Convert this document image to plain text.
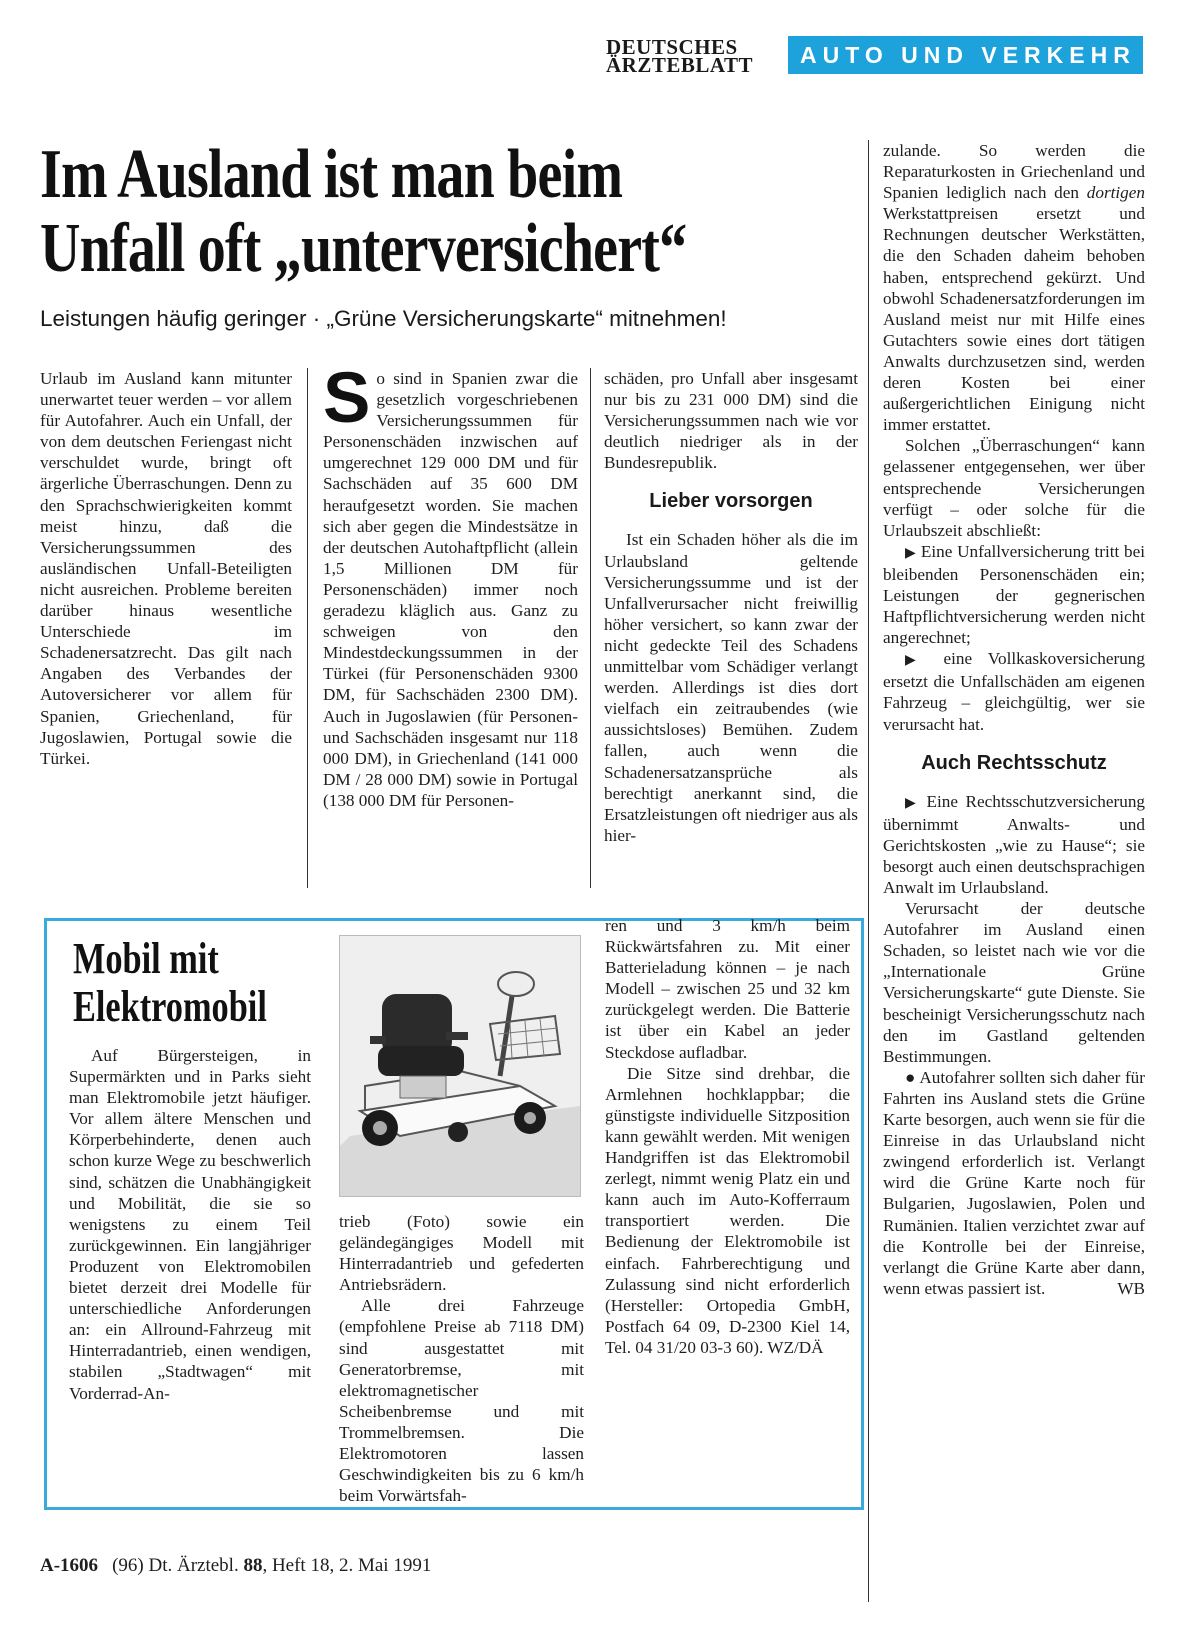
DEUTSCHES
ÄRZTEBLATT	AUTO UND VERKEHR
Im Ausland ist man beim
Unfall oft „unterversichert“
Leistungen häufig geringer · „Grüne Versicherungskarte“ mitnehmen!

Urlaub im Ausland kann mitunter unerwartet teuer werden – vor allem für Autofahrer. Auch ein Unfall, der von dem deutschen Feriengast nicht verschuldet wurde, bringt oft ärgerliche Überraschungen. Denn zu den Sprachschwierigkeiten kommt meist hinzu, daß die Versicherungssummen des ausländischen Unfall-Beteiligten nicht ausreichen. Probleme bereiten darüber hinaus wesentliche Unterschiede im Schadenersatzrecht. Das gilt nach Angaben des Verbandes der Autoversicherer vor allem für Spanien, Griechenland, für Jugoslawien, Portugal sowie die Türkei.

So sind in Spanien zwar die gesetzlich vorgeschriebenen Versicherungssummen für Personenschäden inzwischen auf umgerechnet 129 000 DM und für Sachschäden auf 35 600 DM heraufgesetzt worden. Sie machen sich aber gegen die Mindestsätze in der deutschen Autohaftpflicht (allein 1,5 Millionen DM für Personenschäden) immer noch geradezu kläglich aus. Ganz zu schweigen von den Mindestdeckungssummen in der Türkei (für Personenschäden 9300 DM, für Sachschäden 2300 DM). Auch in Jugoslawien (für Personen- und Sachschäden insgesamt nur 118 000 DM), in Griechenland (141 000 DM / 28 000 DM) sowie in Portugal (138 000 DM für Personen-

schäden, pro Unfall aber insgesamt nur bis zu 231 000 DM) sind die Versicherungssummen nach wie vor deutlich niedriger als in der Bundesrepublik.

Lieber vorsorgen

Ist ein Schaden höher als die im Urlaubsland geltende Versicherungssumme und ist der Unfallverursacher nicht freiwillig höher versichert, so kann zwar der nicht gedeckte Teil des Schadens unmittelbar vom Schädiger verlangt werden. Allerdings ist dies dort vielfach ein zeitraubendes (wie aussichtsloses) Bemühen. Zudem fallen, auch wenn die Schadenersatzansprüche als berechtigt anerkannt sind, die Ersatzleistungen oft niedriger aus als hier-

zulande. So werden die Reparaturkosten in Griechenland und Spanien lediglich nach den dortigen Werkstattpreisen ersetzt und Rechnungen deutscher Werkstätten, die den Schaden daheim behoben haben, entsprechend gekürzt. Und obwohl Schadenersatzforderungen im Ausland meist nur mit Hilfe eines Gutachters sowie eines dort tätigen Anwalts durchzusetzen sind, werden deren Kosten bei einer außergerichtlichen Einigung nicht immer erstattet.

Solchen „Überraschungen“ kann gelassener entgegensehen, wer über entsprechende Versicherungen verfügt – oder solche für die Urlaubszeit abschließt:

▶ Eine Unfallversicherung tritt bei bleibenden Personenschäden ein; Leistungen der gegnerischen Haftpflichtversicherung werden nicht angerechnet;

▶ eine Vollkaskoversicherung ersetzt die Unfallschäden am eigenen Fahrzeug – gleichgültig, wer sie verursacht hat.

Auch Rechtsschutz

▶ Eine Rechtsschutzversicherung übernimmt Anwalts- und Gerichtskosten „wie zu Hause“; sie besorgt auch einen deutschsprachigen Anwalt im Urlaubsland.

Verursacht der deutsche Autofahrer im Ausland einen Schaden, so leistet nach wie vor die „Internationale Grüne Versicherungskarte“ gute Dienste. Sie bescheinigt Versicherungsschutz nach den im Gastland geltenden Bestimmungen.

● Autofahrer sollten sich daher für Fahrten ins Ausland stets die Grüne Karte besorgen, auch wenn sie für die Einreise in das Urlaubsland nicht zwingend erforderlich ist. Verlangt wird die Grüne Karte noch für Bulgarien, Jugoslawien, Polen und Rumänien. Italien verzichtet zwar auf die Kontrolle bei der Einreise, verlangt die Grüne Karte aber dann, wenn etwas passiert ist.	WB

Mobil mit Elektromobil

Auf Bürgersteigen, in Supermärkten und in Parks sieht man Elektromobile jetzt häufiger. Vor allem ältere Menschen und Körperbehinderte, denen auch schon kurze Wege zu beschwerlich sind, schätzen die Unabhängigkeit und Mobilität, die sie so wenigstens zu einem Teil zurückgewinnen. Ein langjähriger Produzent von Elektromobilen bietet derzeit drei Modelle für unterschiedliche Anforderungen an: ein Allround-Fahrzeug mit Hinterradantrieb, einen wendigen, stabilen „Stadtwagen“ mit Vorderrad-An-

trieb (Foto) sowie ein geländegängiges Modell mit Hinterradantrieb und gefederten Antriebsrädern.

Alle drei Fahrzeuge (empfohlene Preise ab 7118 DM) sind ausgestattet mit Generatorbremse, mit elektromagnetischer Scheibenbremse und mit Trommelbremsen. Die Elektromotoren lassen Geschwindigkeiten bis zu 6 km/h beim Vorwärtsfah-

ren und 3 km/h beim Rückwärtsfahren zu. Mit einer Batterieladung können – je nach Modell – zwischen 25 und 32 km zurückgelegt werden. Die Batterie ist über ein Kabel an jeder Steckdose aufladbar.

Die Sitze sind drehbar, die Armlehnen hochklappbar; die günstigste individuelle Sitzposition kann gewählt werden. Mit wenigen Handgriffen ist das Elektromobil zerlegt, nimmt wenig Platz ein und kann auch im Auto-Kofferraum transportiert werden. Die Bedienung der Elektromobile ist einfach. Fahrberechtigung und Zulassung sind nicht erforderlich (Hersteller: Ortopedia GmbH, Postfach 64 09, D-2300 Kiel 14, Tel. 04 31/20 03-3 60). WZ/DÄ

A-1606 (96) Dt. Ärztebl. 88, Heft 18, 2. Mai 1991
